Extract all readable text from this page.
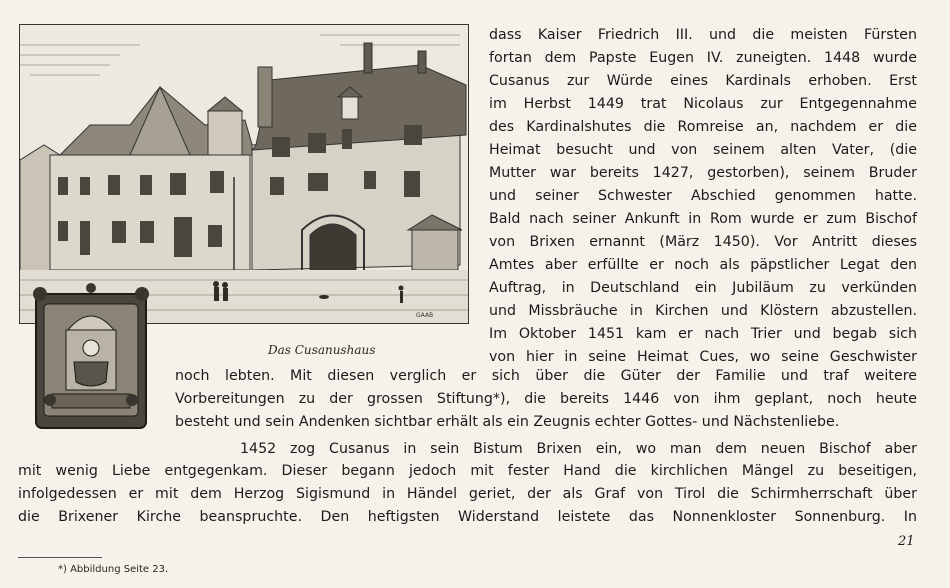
GAAB
Das Cusanushaus
dass Kaiser Friedrich III. und die meisten Fürsten
fortan dem Papste Eugen IV. zuneigten. 1448 wurde
Cusanus zur Würde eines Kardinals erhoben. Erst
im Herbst 1449 trat Nicolaus zur Entgegennahme
des Kardinalshutes die Romreise an, nachdem er die
Heimat besucht und von seinem alten Vater, (die
Mutter war bereits 1427, gestorben), seinem Bruder
und seiner Schwester Abschied genommen hatte.
Bald nach seiner Ankunft in Rom wurde er zum Bischof
von Brixen ernannt (März 1450). Vor Antritt dieses
Amtes aber erfüllte er noch als päpstlicher Legat den
Auftrag, in Deutschland ein Jubiläum zu verkünden
und Missbräuche in Kirchen und Klöstern abzustellen.
Im Oktober 1451 kam er nach Trier und begab sich
von hier in seine Heimat Cues, wo seine Geschwister
noch lebten. Mit diesen verglich er sich über die Güter der Familie und traf weitere
Vorbereitungen zu der grossen Stiftung*), die bereits 1446 von ihm geplant, noch heute
besteht und sein Andenken sichtbar erhält als ein Zeugnis echter Gottes- und Nächstenliebe.
1452 zog Cusanus in sein Bistum Brixen ein, wo man dem neuen Bischof aber
mit wenig Liebe entgegenkam. Dieser begann jedoch mit fester Hand die kirchlichen Mängel zu beseitigen,
infolgedessen er mit dem Herzog Sigismund in Händel geriet, der als Graf von Tirol die Schirmherrschaft über
die Brixener Kirche beanspruchte. Den heftigsten Widerstand leistete das Nonnenkloster Sonnenburg. In
21
*) Abbildung Seite 23.
